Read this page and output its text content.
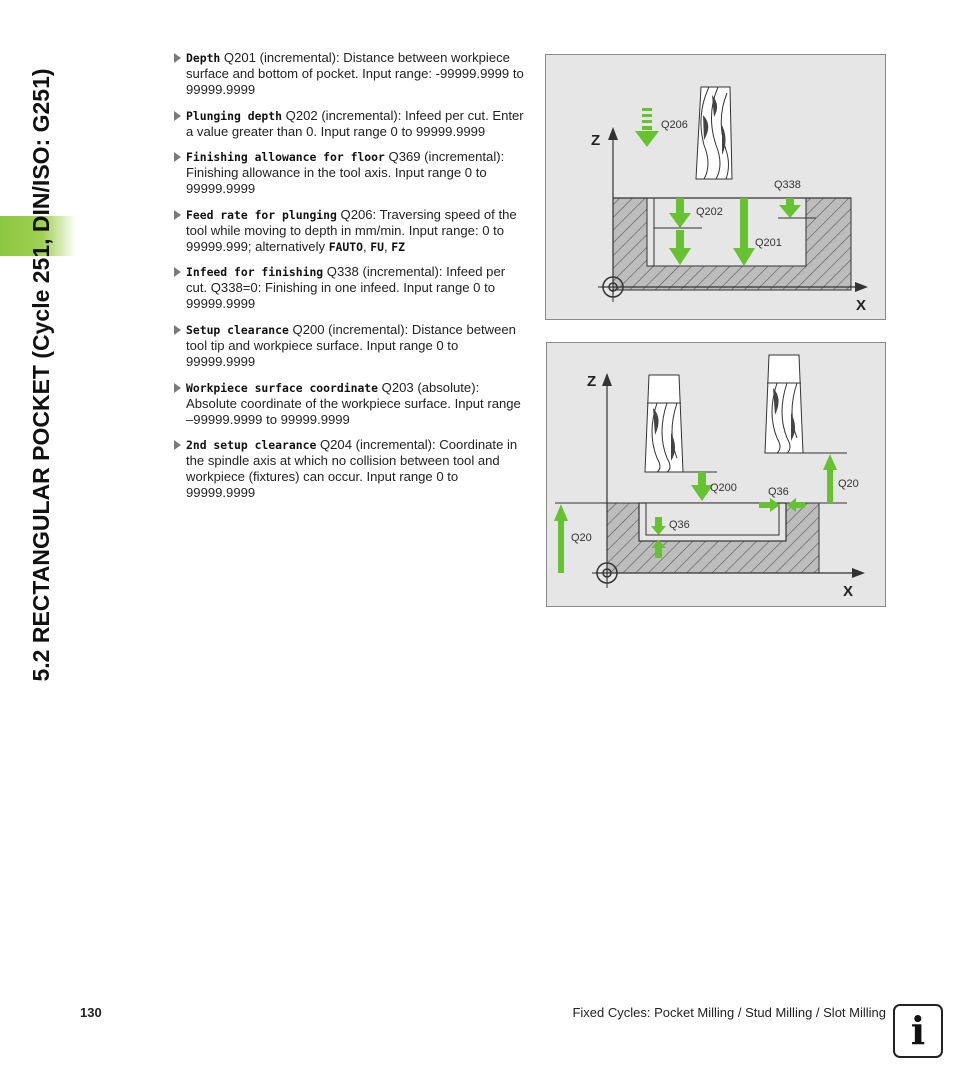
5.2 RECTANGULAR POCKET (Cycle 251, DIN/ISO: G251)
Depth Q201 (incremental): Distance between workpiece surface and bottom of pocket. Input range: -99999.9999 to 99999.9999
Plunging depth Q202 (incremental): Infeed per cut. Enter a value greater than 0. Input range 0 to 99999.9999
Finishing allowance for floor Q369 (incremental): Finishing allowance in the tool axis. Input range 0 to 99999.9999
Feed rate for plunging Q206: Traversing speed of the tool while moving to depth in mm/min. Input range: 0 to 99999.999; alternatively FAUTO, FU, FZ
Infeed for finishing Q338 (incremental): Infeed per cut. Q338=0: Finishing in one infeed. Input range 0 to 99999.9999
Setup clearance Q200 (incremental): Distance between tool tip and workpiece surface. Input range 0 to 99999.9999
Workpiece surface coordinate Q203 (absolute): Absolute coordinate of the workpiece surface. Input range –99999.9999 to 99999.9999
2nd setup clearance Q204 (incremental): Coordinate in the spindle axis at which no collision between tool and workpiece (fixtures) can occur. Input range 0 to 99999.9999
Z
X
Q206
Q338
Q202
Q201
Z
X
Q200	Q36
Q20
Q36
Q20
130	Fixed Cycles: Pocket Milling / Stud Milling / Slot Milling i
